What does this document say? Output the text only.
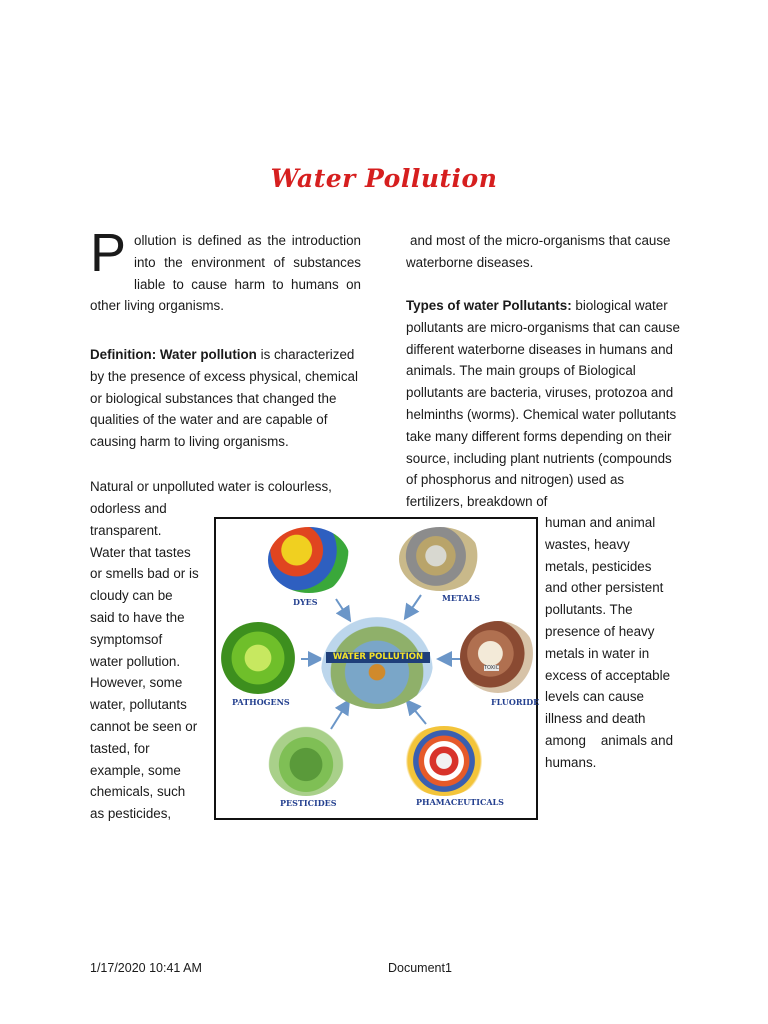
Water Pollution
P ollution is defined as the introduction
into the environment of substances
liable to cause harm to humans on
other living organisms.
Definition: Water pollution is characterized by the presence of excess physical, chemical or biological substances that changed the qualities of the water and are capable of causing harm to living organisms.
Natural or unpolluted water is colourless,
odorless and
transparent.
Water that tastes
or smells bad or is
cloudy can be
said to have the
symptomsof
water pollution.
However, some
water, pollutants
cannot be seen or
tasted, for
example, some
chemicals, such
as pesticides,
and most of the micro-organisms that cause waterborne diseases.
Types of water Pollutants: biological water pollutants are micro-organisms that can cause different waterborne diseases in humans and animals. The main groups of Biological pollutants are bacteria, viruses, protozoa and helminths (worms). Chemical water pollutants take many different forms depending on their source, including plant nutrients (compounds of phosphorus and nitrogen) used as fertilizers, breakdown of
human and animal
wastes, heavy
metals, pesticides
and other persistent
pollutants. The
presence of heavy
metals in water in
excess of acceptable
levels can cause
illness and death
among    animals and
humans.
DYES	METALS
PATHOGENS
WATER POLLUTION
TOXIC
FLUORIDE
PESTICIDES	PHAMACEUTICALS
1/17/2020 10:41 AM	Document1
